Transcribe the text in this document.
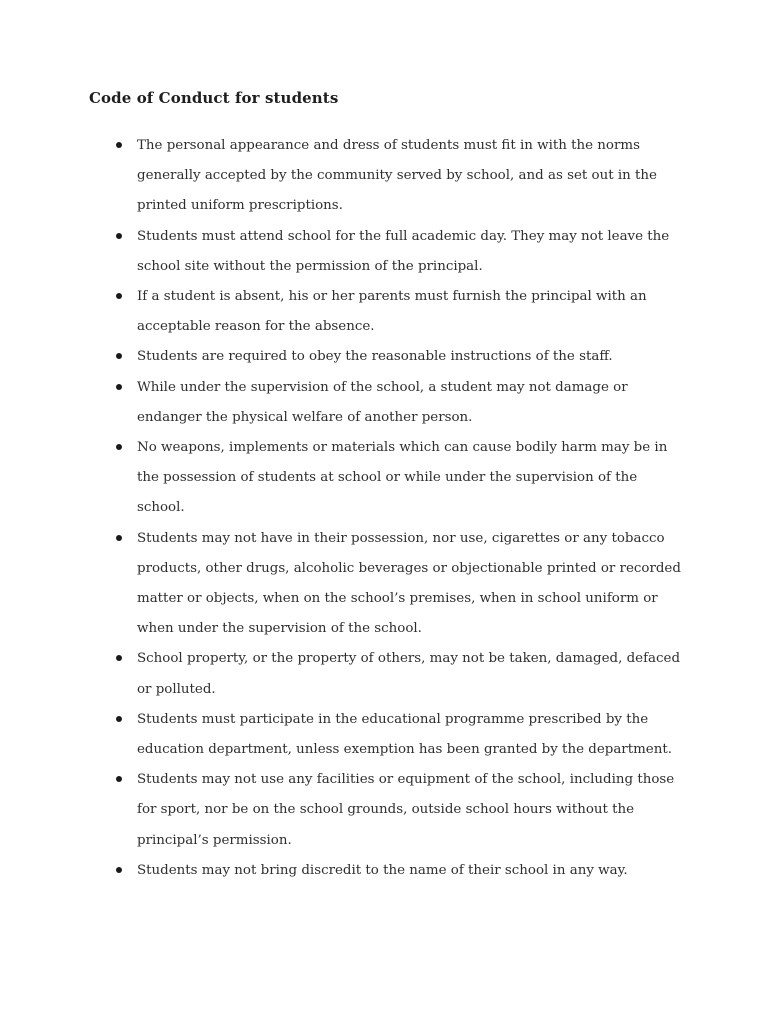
Code of Conduct for students
The personal appearance and dress of students must fit in with the norms generally accepted by the community served by school, and as set out in the printed uniform prescriptions.
Students must attend school for the full academic day. They may not leave the school site without the permission of the principal.
If a student is absent, his or her parents must furnish the principal with an acceptable reason for the absence.
Students are required to obey the reasonable instructions of the staff.
While under the supervision of the school, a student may not damage or endanger the physical welfare of another person.
No weapons, implements or materials which can cause bodily harm may be in the possession of students at school or while under the supervision of the school.
Students may not have in their possession, nor use, cigarettes or any tobacco products, other drugs, alcoholic beverages or objectionable printed or recorded matter or objects, when on the school’s premises, when in school uniform or when under the supervision of the school.
School property, or the property of others, may not be taken, damaged, defaced or polluted.
Students must participate in the educational programme prescribed by the education department, unless exemption has been granted by the department.
Students may not use any facilities or equipment of the school, including those for sport, nor be on the school grounds, outside school hours without the principal’s permission.
Students may not bring discredit to the name of their school in any way.
